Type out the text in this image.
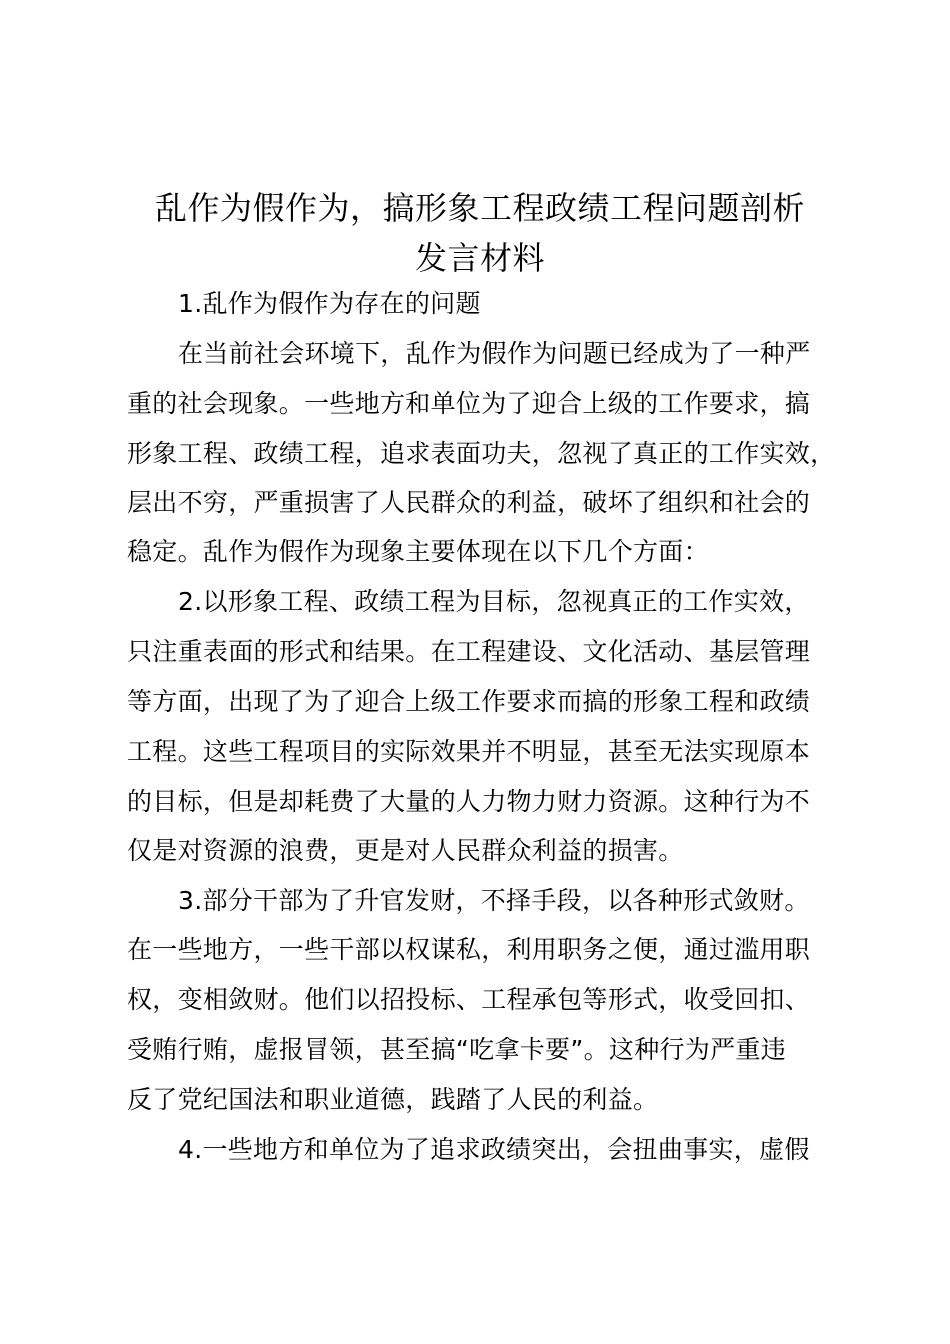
乱作为假作为，搞形象工程政绩工程问题剖析
发言材料
1.乱作为假作为存在的问题
在当前社会环境下，乱作为假作为问题已经成为了一种严
重的社会现象。一些地方和单位为了迎合上级的工作要求，搞
形象工程、政绩工程，追求表面功夫，忽视了真正的工作实效，
层出不穷，严重损害了人民群众的利益，破坏了组织和社会的
稳定。乱作为假作为现象主要体现在以下几个方面：
2.以形象工程、政绩工程为目标，忽视真正的工作实效，
只注重表面的形式和结果。在工程建设、文化活动、基层管理
等方面，出现了为了迎合上级工作要求而搞的形象工程和政绩
工程。这些工程项目的实际效果并不明显，甚至无法实现原本
的目标，但是却耗费了大量的人力物力财力资源。这种行为不
仅是对资源的浪费，更是对人民群众利益的损害。
3.部分干部为了升官发财，不择手段，以各种形式敛财。
在一些地方，一些干部以权谋私，利用职务之便，通过滥用职
权，变相敛财。他们以招投标、工程承包等形式，收受回扣、
受贿行贿，虚报冒领，甚至搞“吃拿卡要”。这种行为严重违
反了党纪国法和职业道德，践踏了人民的利益。
4.一些地方和单位为了追求政绩突出，会扭曲事实，虚假
